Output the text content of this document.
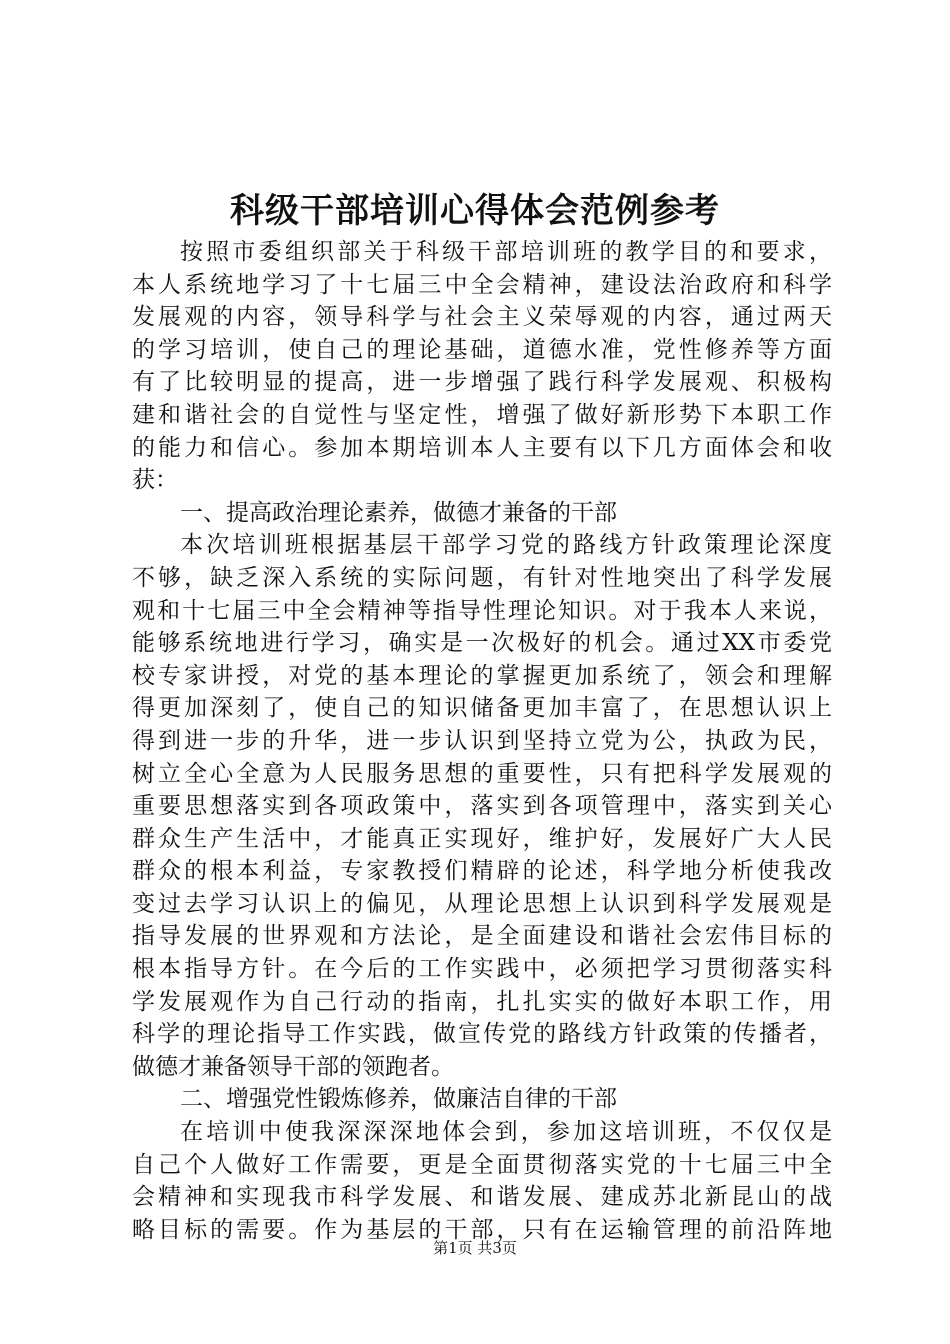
科级干部培训心得体会范例参考
按照市委组织部关于科级干部培训班的教学目的和要求，
本人系统地学习了十七届三中全会精神，建设法治政府和科学
发展观的内容，领导科学与社会主义荣辱观的内容，通过两天
的学习培训，使自己的理论基础，道德水准，党性修养等方面
有了比较明显的提高，进一步增强了践行科学发展观、积极构
建和谐社会的自觉性与坚定性，增强了做好新形势下本职工作
的能力和信心。参加本期培训本人主要有以下几方面体会和收
获：
一、提高政治理论素养，做德才兼备的干部
本次培训班根据基层干部学习党的路线方针政策理论深度
不够，缺乏深入系统的实际问题，有针对性地突出了科学发展
观和十七届三中全会精神等指导性理论知识。对于我本人来说，
能够系统地进行学习，确实是一次极好的机会。通过XX市委党
校专家讲授，对党的基本理论的掌握更加系统了，领会和理解
得更加深刻了，使自己的知识储备更加丰富了，在思想认识上
得到进一步的升华，进一步认识到坚持立党为公，执政为民，
树立全心全意为人民服务思想的重要性，只有把科学发展观的
重要思想落实到各项政策中，落实到各项管理中，落实到关心
群众生产生活中，才能真正实现好，维护好，发展好广大人民
群众的根本利益，专家教授们精辟的论述，科学地分析使我改
变过去学习认识上的偏见，从理论思想上认识到科学发展观是
指导发展的世界观和方法论，是全面建设和谐社会宏伟目标的
根本指导方针。在今后的工作实践中，必须把学习贯彻落实科
学发展观作为自己行动的指南，扎扎实实的做好本职工作，用
科学的理论指导工作实践，做宣传党的路线方针政策的传播者，
做德才兼备领导干部的领跑者。
二、增强党性锻炼修养，做廉洁自律的干部
在培训中使我深深深地体会到，参加这培训班，不仅仅是
自己个人做好工作需要，更是全面贯彻落实党的十七届三中全
会精神和实现我市科学发展、和谐发展、建成苏北新昆山的战
略目标的需要。作为基层的干部，只有在运输管理的前沿阵地
第1页 共3页
